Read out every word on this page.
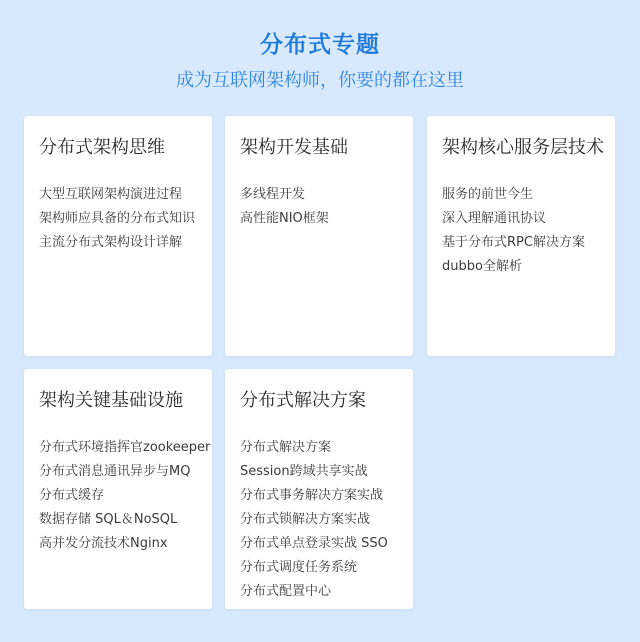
分布式专题
成为互联网架构师，你要的都在这里
分布式架构思维
大型互联网架构演进过程
架构师应具备的分布式知识
主流分布式架构设计详解
架构开发基础
多线程开发
高性能NIO框架
架构核心服务层技术
服务的前世今生
深入理解通讯协议
基于分布式RPC解决方案
dubbo全解析
架构关键基础设施
分布式环境指挥官zookeeper
分布式消息通讯异步与MQ
分布式缓存
数据存储 SQL＆NoSQL
高并发分流技术Nginx
分布式解决方案
分布式解决方案
Session跨域共享实战
分布式事务解决方案实战
分布式锁解决方案实战
分布式单点登录实战 SSO
分布式调度任务系统
分布式配置中心
